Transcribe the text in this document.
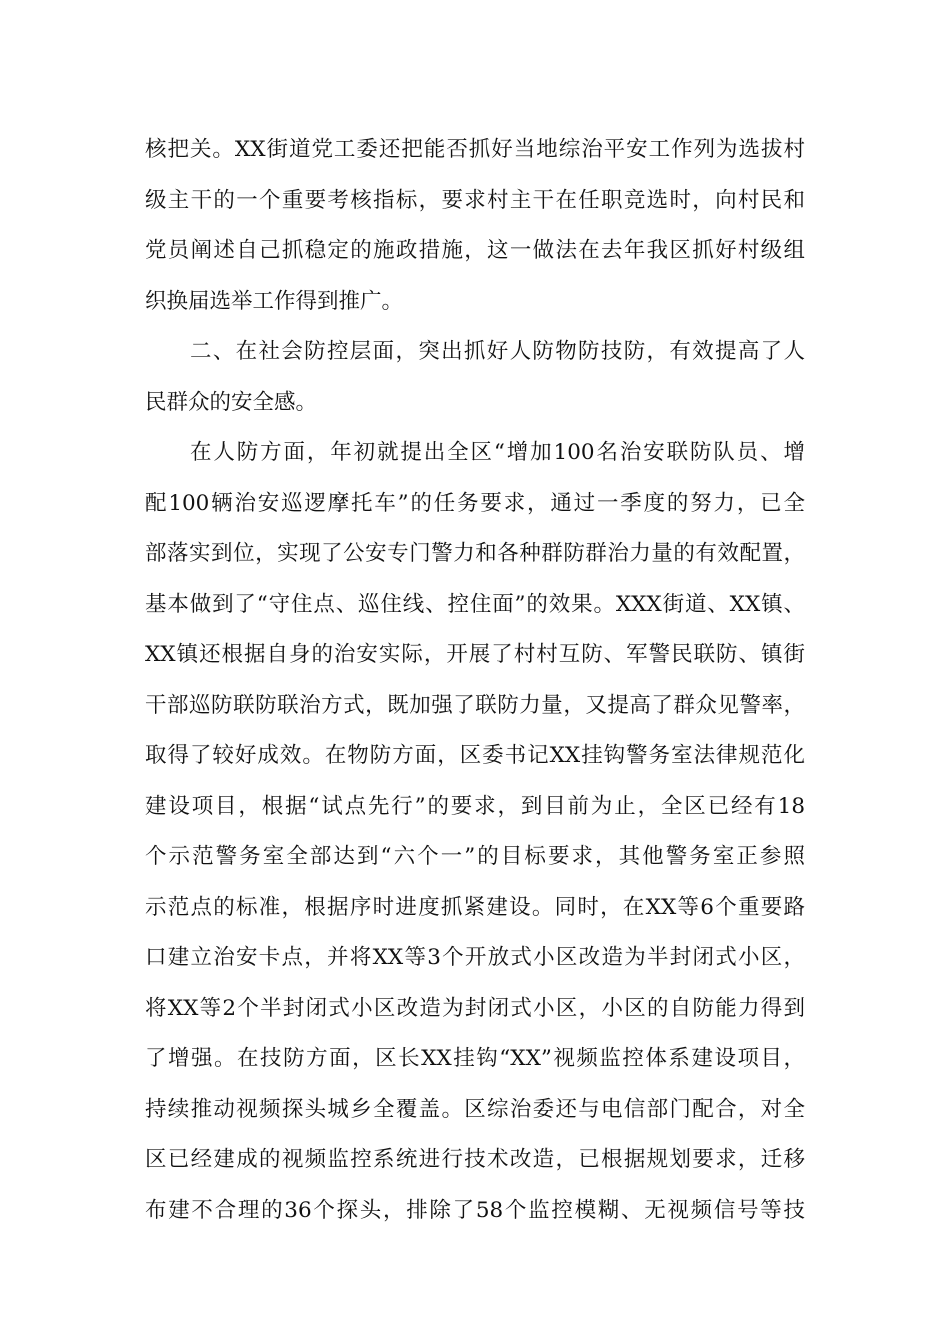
核把关。XX街道党工委还把能否抓好当地综治平安工作列为选拔村
级主干的一个重要考核指标，要求村主干在任职竞选时，向村民和
党员阐述自己抓稳定的施政措施，这一做法在去年我区抓好村级组
织换届选举工作得到推广。
二、在社会防控层面，突出抓好人防物防技防，有效提高了人
民群众的安全感。
在人防方面，年初就提出全区“增加100名治安联防队员、增
配100辆治安巡逻摩托车”的任务要求，通过一季度的努力，已全
部落实到位，实现了公安专门警力和各种群防群治力量的有效配置，
基本做到了“守住点、巡住线、控住面”的效果。XXX街道、XX镇、
XX镇还根据自身的治安实际，开展了村村互防、军警民联防、镇街
干部巡防联防联治方式，既加强了联防力量，又提高了群众见警率，
取得了较好成效。在物防方面，区委书记XX挂钩警务室法律规范化
建设项目，根据“试点先行”的要求，到目前为止，全区已经有18
个示范警务室全部达到“六个一”的目标要求，其他警务室正参照
示范点的标准，根据序时进度抓紧建设。同时，在XX等6个重要路
口建立治安卡点，并将XX等3个开放式小区改造为半封闭式小区，
将XX等2个半封闭式小区改造为封闭式小区，小区的自防能力得到
了增强。在技防方面，区长XX挂钩“XX”视频监控体系建设项目，
持续推动视频探头城乡全覆盖。区综治委还与电信部门配合，对全
区已经建成的视频监控系统进行技术改造，已根据规划要求，迁移
布建不合理的36个探头，排除了58个监控模糊、无视频信号等技
